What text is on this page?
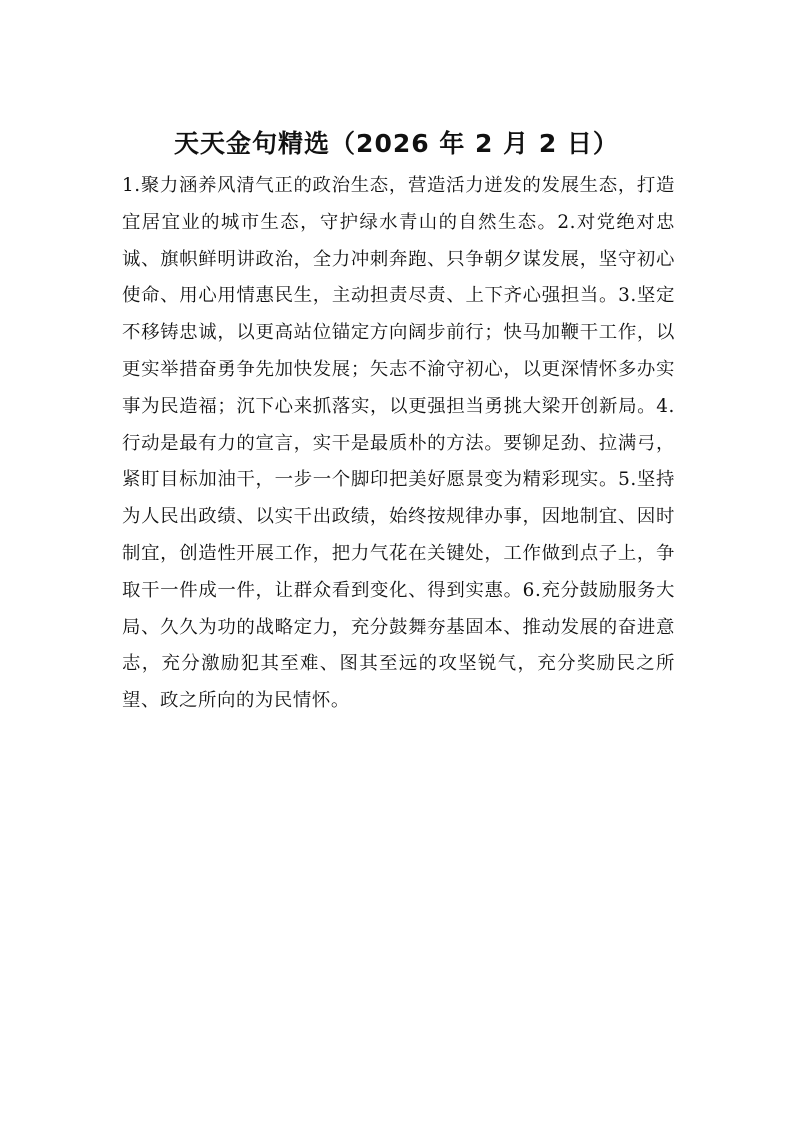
天天金句精选（2026 年 2 月 2 日）

1.聚力涵养风清气正的政治生态，营造活力迸发的发展生态，打造宜居宜业的城市生态，守护绿水青山的自然生态。2.对党绝对忠诚、旗帜鲜明讲政治，全力冲刺奔跑、只争朝夕谋发展，坚守初心使命、用心用情惠民生，主动担责尽责、上下齐心强担当。3.坚定不移铸忠诚，以更高站位锚定方向阔步前行；快马加鞭干工作，以更实举措奋勇争先加快发展；矢志不渝守初心，以更深情怀多办实事为民造福；沉下心来抓落实，以更强担当勇挑大梁开创新局。4.行动是最有力的宣言，实干是最质朴的方法。要铆足劲、拉满弓，紧盯目标加油干，一步一个脚印把美好愿景变为精彩现实。5.坚持为人民出政绩、以实干出政绩，始终按规律办事，因地制宜、因时制宜，创造性开展工作，把力气花在关键处，工作做到点子上，争取干一件成一件，让群众看到变化、得到实惠。6.充分鼓励服务大局、久久为功的战略定力，充分鼓舞夯基固本、推动发展的奋进意志，充分激励犯其至难、图其至远的攻坚锐气，充分奖励民之所望、政之所向的为民情怀。
